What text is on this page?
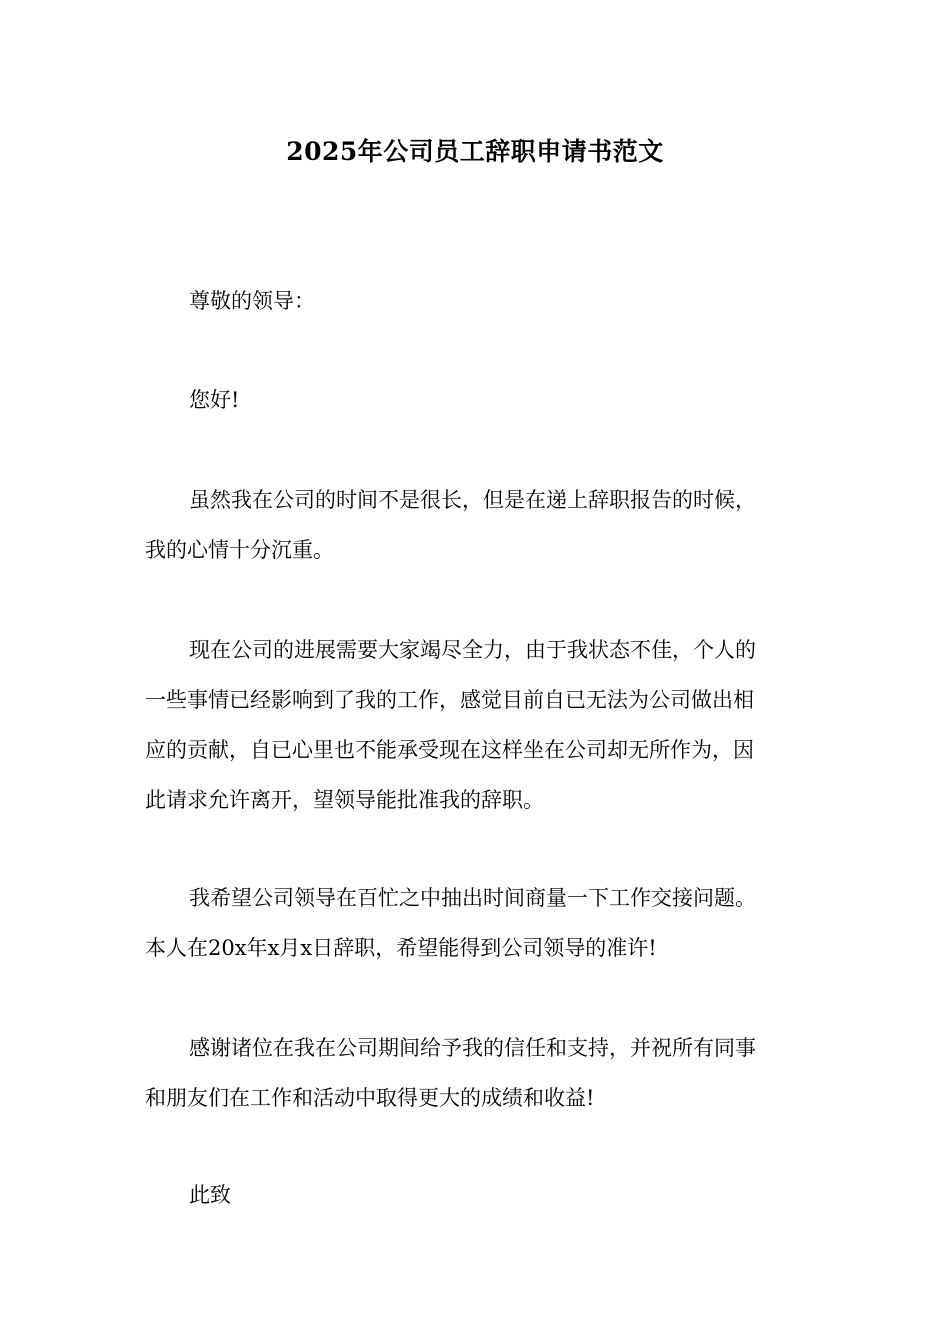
2025年公司员工辞职申请书范文

尊敬的领导：

您好!

虽然我在公司的时间不是很长，但是在递上辞职报告的时候，
我的心情十分沉重。
现在公司的进展需要大家竭尽全力，由于我状态不佳，个人的
一些事情已经影响到了我的工作，感觉目前自已无法为公司做出相
应的贡献，自已心里也不能承受现在这样坐在公司却无所作为，因
此请求允许离开，望领导能批准我的辞职。
我希望公司领导在百忙之中抽出时间商量一下工作交接问题。
本人在20x年x月x日辞职，希望能得到公司领导的准许!
感谢诸位在我在公司期间给予我的信任和支持，并祝所有同事
和朋友们在工作和活动中取得更大的成绩和收益!

此致
